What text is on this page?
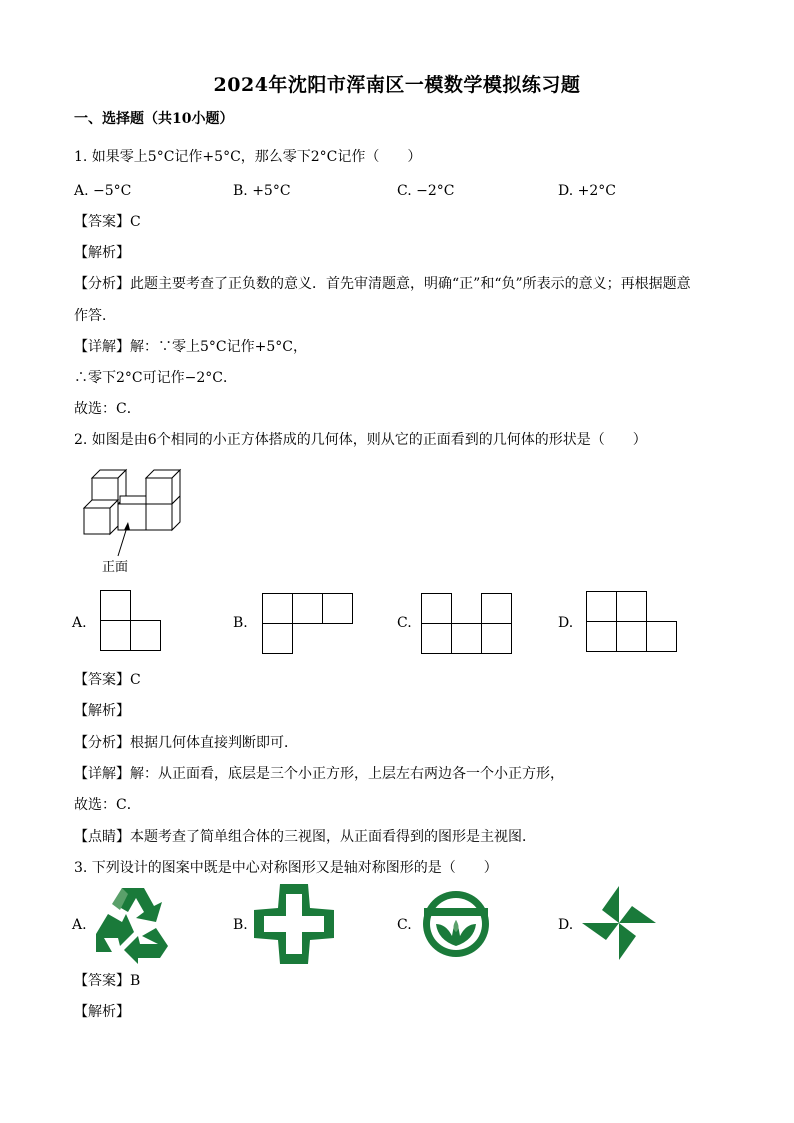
2024年沈阳市浑南区一模数学模拟练习题
一、选择题（共10小题）
1. 如果零上5°C记作+5°C，那么零下2°C记作（　　）
A. −5°C	B. +5°C	C. −2°C	D. +2°C
【答案】C
【解析】
【分析】此题主要考查了正负数的意义．首先审清题意，明确“正”和“负”所表示的意义；再根据题意
作答．
【详解】解：∵零上5°C记作+5°C，
∴零下2°C可记作−2°C．
故选：C．
2. 如图是由6个相同的小正方体搭成的几何体，则从它的正面看到的几何体的形状是（　　）
正面
A.	B.	C.	D.
【答案】C
【解析】
【分析】根据几何体直接判断即可．
【详解】解：从正面看，底层是三个小正方形，上层左右两边各一个小正方形，
故选：C．
【点睛】本题考查了简单组合体的三视图，从正面看得到的图形是主视图．
3. 下列设计的图案中既是中心对称图形又是轴对称图形的是（　　）
A.	B.	C.	D.
【答案】B
【解析】
